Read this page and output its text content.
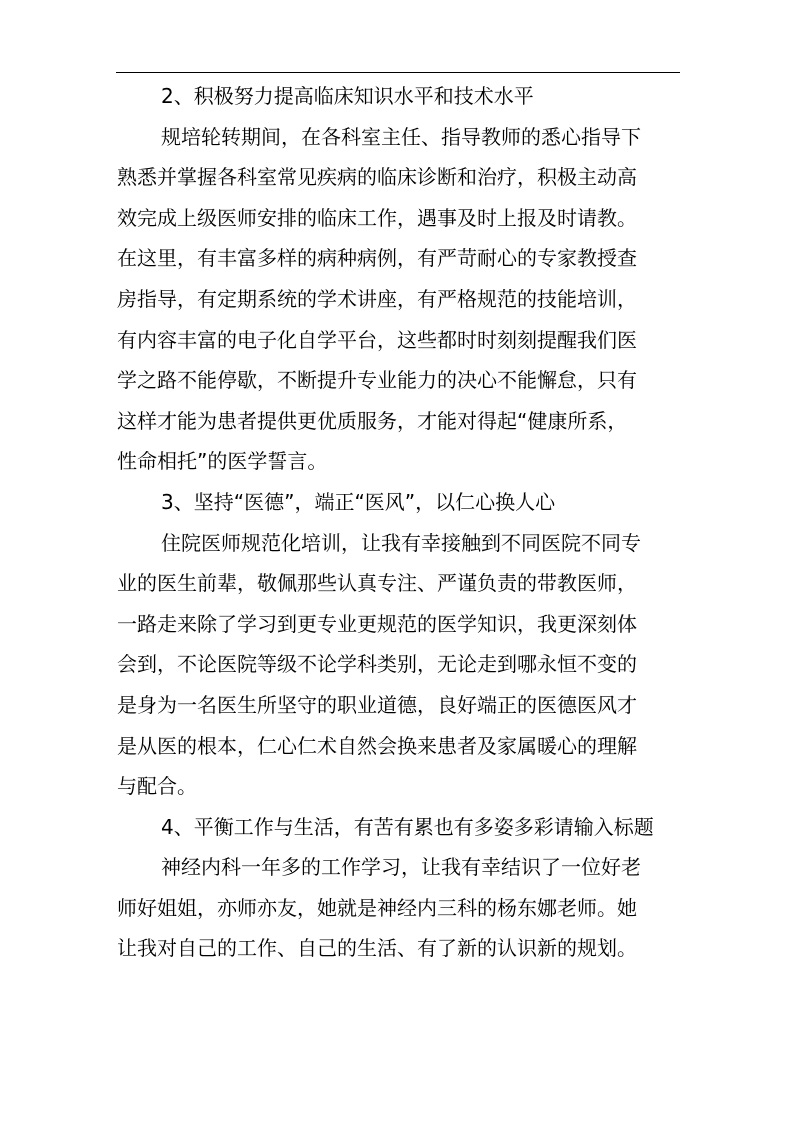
2、积极努力提高临床知识水平和技术水平
规培轮转期间，在各科室主任、指导教师的悉心指导下
熟悉并掌握各科室常见疾病的临床诊断和治疗，积极主动高
效完成上级医师安排的临床工作，遇事及时上报及时请教。
在这里，有丰富多样的病种病例，有严苛耐心的专家教授查
房指导，有定期系统的学术讲座，有严格规范的技能培训，
有内容丰富的电子化自学平台，这些都时时刻刻提醒我们医
学之路不能停歇，不断提升专业能力的决心不能懈怠，只有
这样才能为患者提供更优质服务，才能对得起“健康所系，
性命相托”的医学誓言。
3、坚持“医德”，端正“医风”，以仁心换人心
住院医师规范化培训，让我有幸接触到不同医院不同专
业的医生前辈，敬佩那些认真专注、严谨负责的带教医师，
一路走来除了学习到更专业更规范的医学知识，我更深刻体
会到，不论医院等级不论学科类别，无论走到哪永恒不变的
是身为一名医生所坚守的职业道德，良好端正的医德医风才
是从医的根本，仁心仁术自然会换来患者及家属暖心的理解
与配合。
4、平衡工作与生活，有苦有累也有多姿多彩请输入标题
神经内科一年多的工作学习，让我有幸结识了一位好老
师好姐姐，亦师亦友，她就是神经内三科的杨东娜老师。她
让我对自己的工作、自己的生活、有了新的认识新的规划。
